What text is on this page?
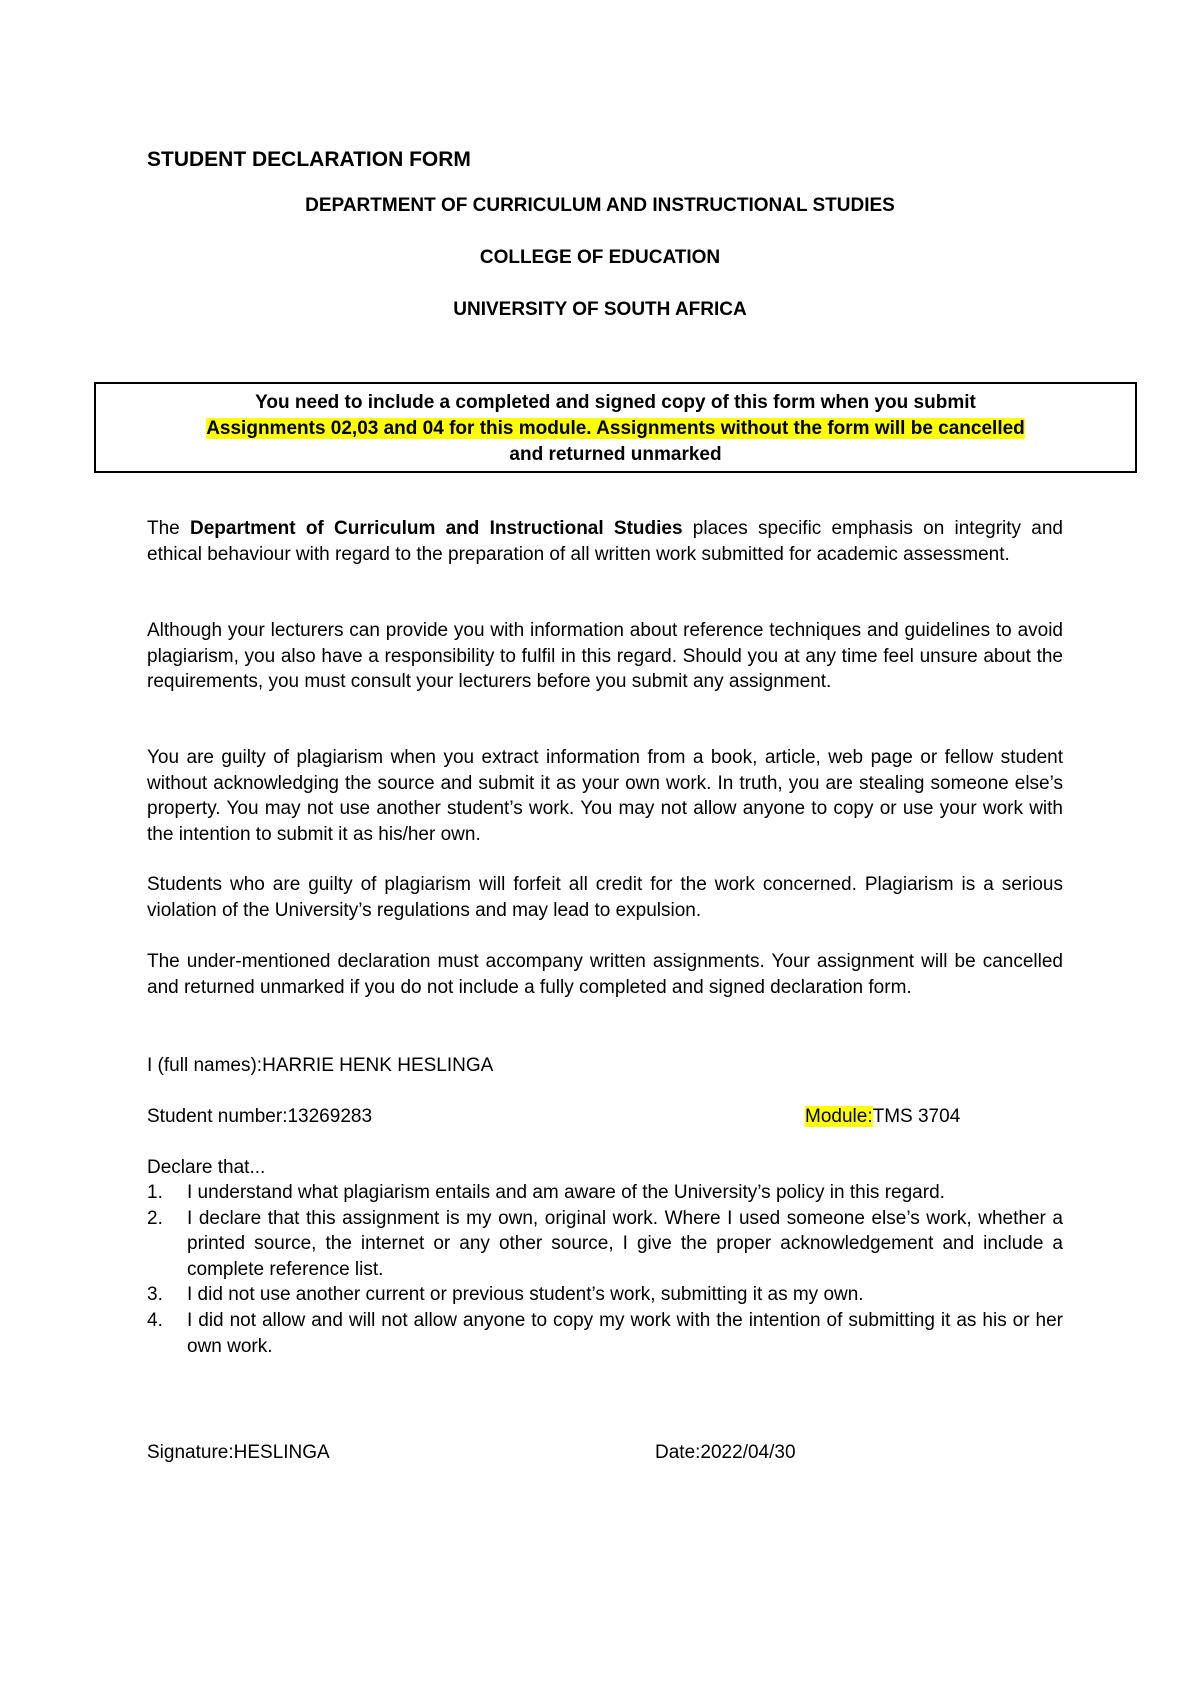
STUDENT DECLARATION FORM
DEPARTMENT OF CURRICULUM AND INSTRUCTIONAL STUDIES
COLLEGE OF EDUCATION
UNIVERSITY OF SOUTH AFRICA
You need to include a completed and signed copy of this form when you submit
Assignments 02,03 and 04 for this module. Assignments without the form will be cancelled
and returned unmarked

The Department of Curriculum and Instructional Studies places specific emphasis on integrity and ethical behaviour with regard to the preparation of all written work submitted for academic assessment.

Although your lecturers can provide you with information about reference techniques and guidelines to avoid plagiarism, you also have a responsibility to fulfil in this regard. Should you at any time feel unsure about the requirements, you must consult your lecturers before you submit any assignment.

You are guilty of plagiarism when you extract information from a book, article, web page or fellow student without acknowledging the source and submit it as your own work. In truth, you are stealing someone else’s property. You may not use another student’s work. You may not allow anyone to copy or use your work with the intention to submit it as his/her own.

Students who are guilty of plagiarism will forfeit all credit for the work concerned. Plagiarism is a serious violation of the University’s regulations and may lead to expulsion.

The under-mentioned declaration must accompany written assignments. Your assignment will be cancelled and returned unmarked if you do not include a fully completed and signed declaration form.

I (full names):HARRIE HENK HESLINGA
Student number:13269283	Module:TMS 3704
Declare that...

1. I understand what plagiarism entails and am aware of the University’s policy in this regard.

2. I declare that this assignment is my own, original work. Where I used someone else’s work, whether a printed source, the internet or any other source, I give the proper acknowledgement and include a complete reference list.

3. I did not use another current or previous student’s work, submitting it as my own.

4. I did not allow and will not allow anyone to copy my work with the intention of submitting it as his or her own work.

Signature:HESLINGA	Date:2022/04/30
